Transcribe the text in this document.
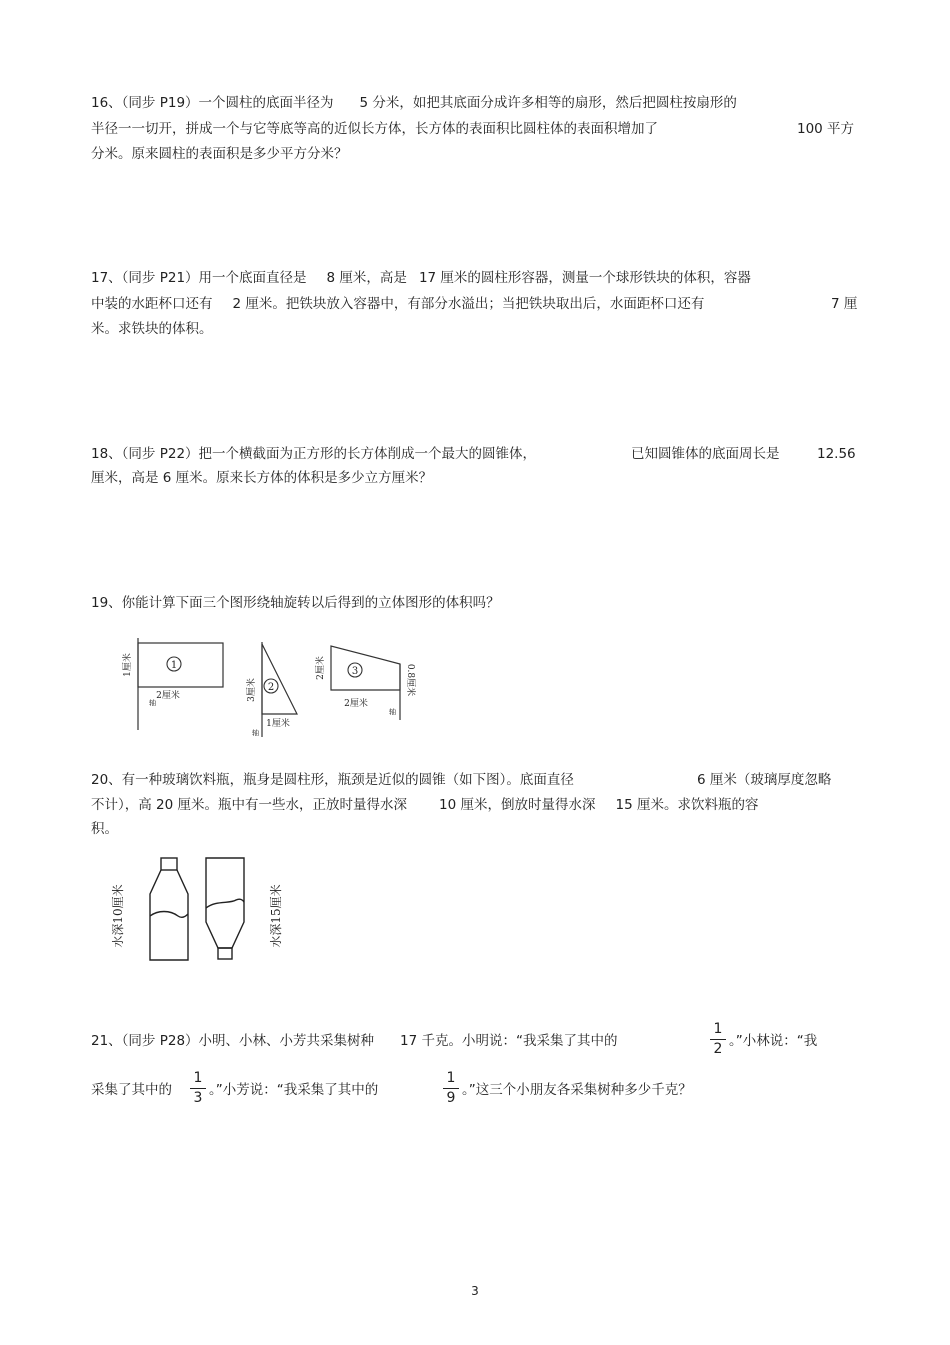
16、（同步 P19）一个圆柱的底面半径为 5 分米，如把其底面分成许多相等的扇形，然后把圆柱按扇形的
半径一一切开，拼成一个与它等底等高的近似长方体，长方体的表面积比圆柱体的表面积增加了	100 平方
分米。原来圆柱的表面积是多少平方分米？
17、（同步 P21）用一个底面直径是 8 厘米，高是 17 厘米的圆柱形容器，测量一个球形铁块的体积，容器
中装的水距杯口还有 2 厘米。把铁块放入容器中，有部分水溢出；当把铁块取出后，水面距杯口还有	7 厘
米。求铁块的体积。
18、（同步 P22）把一个横截面为正方形的长方体削成一个最大的圆锥体，	已知圆锥体的底面周长是	12.56
厘米，高是 6 厘米。原来长方体的体积是多少立方厘米？
19、你能计算下面三个图形绕轴旋转以后得到的立体图形的体积吗？
1
1厘米
2厘米
轴
2
3厘米
1厘米
轴
3
2厘米	0.8厘米
2厘米
轴
20、有一种玻璃饮料瓶，瓶身是圆柱形，瓶颈是近似的圆锥（如下图）。底面直径	6 厘米（玻璃厚度忽略
不计），高 20 厘米。瓶中有一些水，正放时量得水深 10 厘米，倒放时量得水深 15 厘米。求饮料瓶的容
积。
水深10厘米	水深15厘米
21、（同步 P28）小明、小林、小芳共采集树种 17 千克。小明说：“我采集了其中的
1
2 。”小林说：“我
采集了其中的
1
3 。”小芳说：“我采集了其中的
1
9 。”这三个小朋友各采集树种多少千克？
3
